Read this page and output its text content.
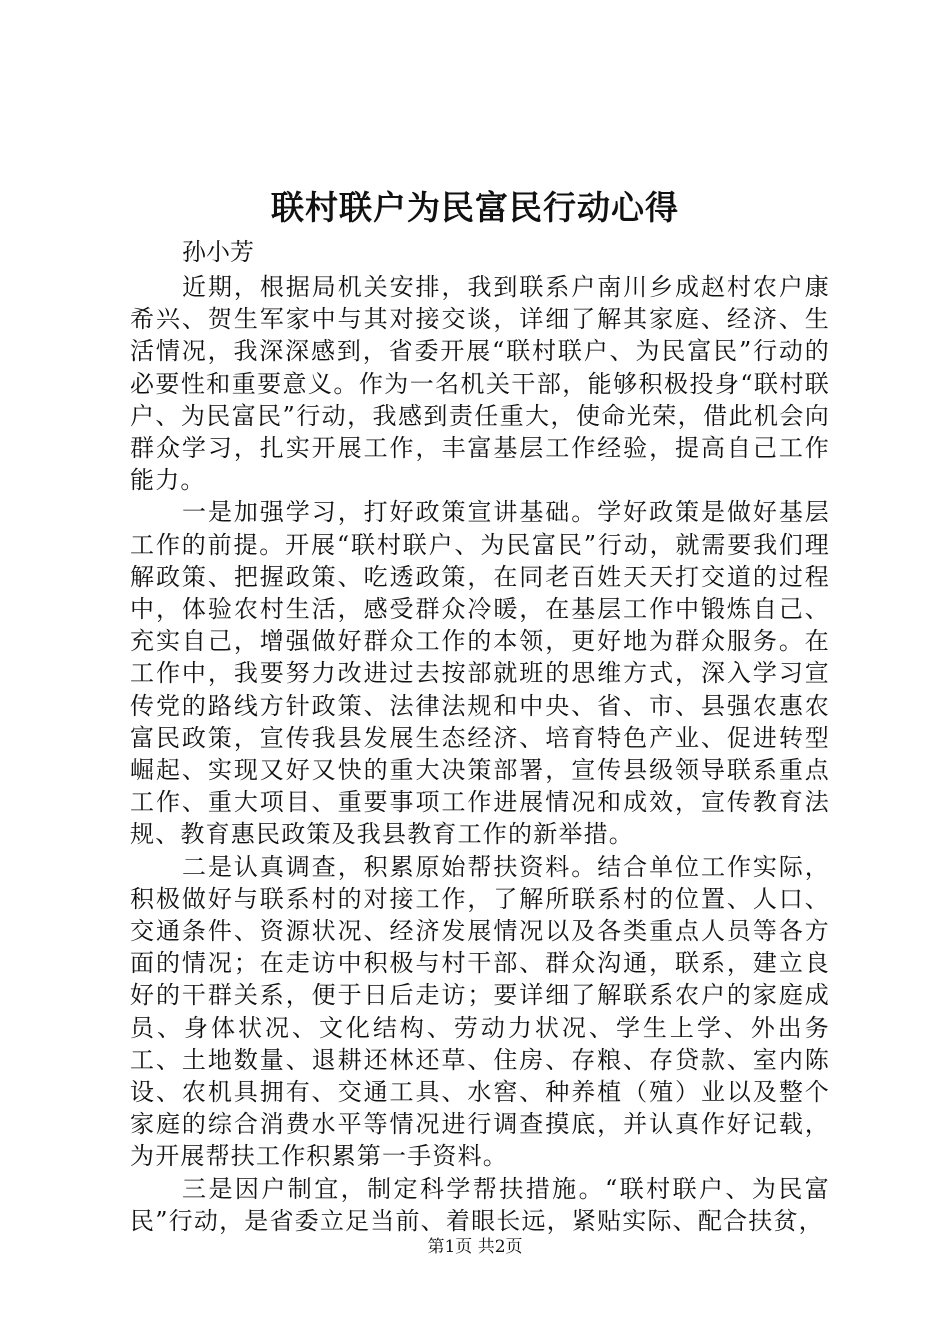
联村联户为民富民行动心得

孙小芳

近期，根据局机关安排，我到联系户南川乡成赵村农户康希兴、贺生军家中与其对接交谈，详细了解其家庭、经济、生活情况，我深深感到，省委开展“联村联户、为民富民”行动的必要性和重要意义。作为一名机关干部，能够积极投身“联村联户、为民富民”行动，我感到责任重大，使命光荣，借此机会向群众学习，扎实开展工作，丰富基层工作经验，提高自己工作能力。

一是加强学习，打好政策宣讲基础。学好政策是做好基层工作的前提。开展“联村联户、为民富民”行动，就需要我们理解政策、把握政策、吃透政策，在同老百姓天天打交道的过程中，体验农村生活，感受群众冷暖，在基层工作中锻炼自己、充实自己，增强做好群众工作的本领，更好地为群众服务。在工作中，我要努力改进过去按部就班的思维方式，深入学习宣传党的路线方针政策、法律法规和中央、省、市、县强农惠农富民政策，宣传我县发展生态经济、培育特色产业、促进转型崛起、实现又好又快的重大决策部署，宣传县级领导联系重点工作、重大项目、重要事项工作进展情况和成效，宣传教育法规、教育惠民政策及我县教育工作的新举措。

二是认真调查，积累原始帮扶资料。结合单位工作实际，积极做好与联系村的对接工作，了解所联系村的位置、人口、交通条件、资源状况、经济发展情况以及各类重点人员等各方面的情况；在走访中积极与村干部、群众沟通，联系，建立良好的干群关系，便于日后走访；要详细了解联系农户的家庭成员、身体状况、文化结构、劳动力状况、学生上学、外出务工、土地数量、退耕还林还草、住房、存粮、存贷款、室内陈设、农机具拥有、交通工具、水窖、种养植（殖）业以及整个家庭的综合消费水平等情况进行调查摸底，并认真作好记载，为开展帮扶工作积累第一手资料。

三是因户制宜，制定科学帮扶措施。“联村联户、为民富民”行动，是省委立足当前、着眼长远，紧贴实际、配合扶贫，

第1页 共2页
